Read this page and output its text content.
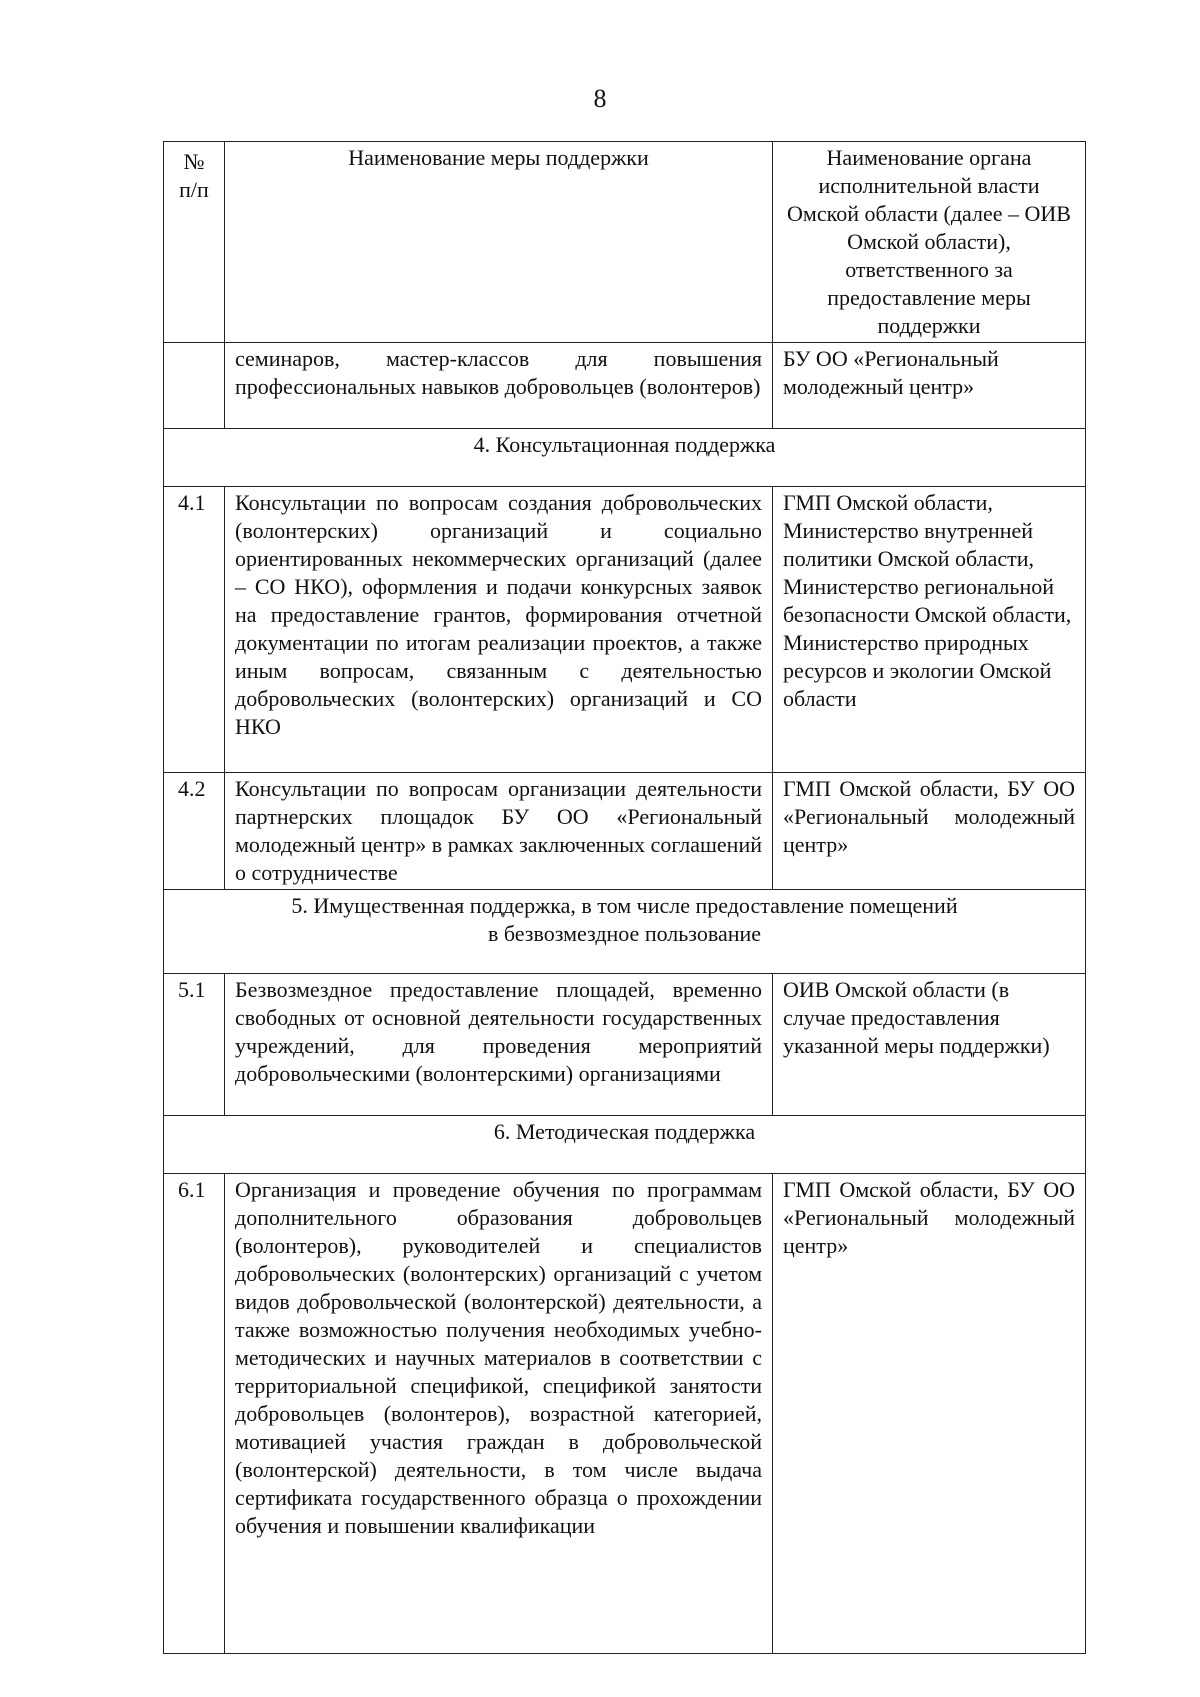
8
№ п/п	Наименование меры поддержки	Наименование органа исполнительной власти Омской области (далее – ОИВ Омской области), ответственного за предоставление меры поддержки
	семинаров, мастер-классов для повышения профессиональных навыков добровольцев (волонтеров)	БУ ОО «Региональный молодежный центр»
4. Консультационная поддержка		
4.1	Консультации по вопросам создания добровольческих (волонтерских) организаций и социально ориентированных некоммерческих организаций (далее – СО НКО), оформления и подачи конкурсных заявок на предоставление грантов, формирования отчетной документации по итогам реализации проектов, а также иным вопросам, связанным с деятельностью добровольческих (волонтерских) организаций и СО НКО	ГМП Омской области, Министерство внутренней политики Омской области, Министерство региональной безопасности Омской области, Министерство природных ресурсов и экологии Омской области
4.2	Консультации по вопросам организации деятельности партнерских площадок БУ ОО «Региональный молодежный центр» в рамках заключенных соглашений о сотрудничестве	ГМП Омской области, БУ ОО «Региональный молодежный центр»

5. Имущественная поддержка, в том числе предоставление помещений
в безвозмездное пользование		

5.1	Безвозмездное предоставление площадей, временно свободных от основной деятельности государственных учреждений, для проведения мероприятий добровольческими (волонтерскими) организациями	ОИВ Омской области (в случае предоставления указанной меры поддержки)
6. Методическая поддержка		
6.1	Организация и проведение обучения по программам дополнительного образования добровольцев (волонтеров), руководителей и специалистов добровольческих (волонтерских) организаций с учетом видов добровольческой (волонтерской) деятельности, а также возможностью получения необходимых учебно-методических и научных материалов в соответствии с территориальной спецификой, спецификой занятости добровольцев (волонтеров), возрастной категорией, мотивацией участия граждан в добровольческой (волонтерской) деятельности, в том числе выдача сертификата государственного образца о прохождении обучения и повышении квалификации	ГМП Омской области, БУ ОО «Региональный молодежный центр»
